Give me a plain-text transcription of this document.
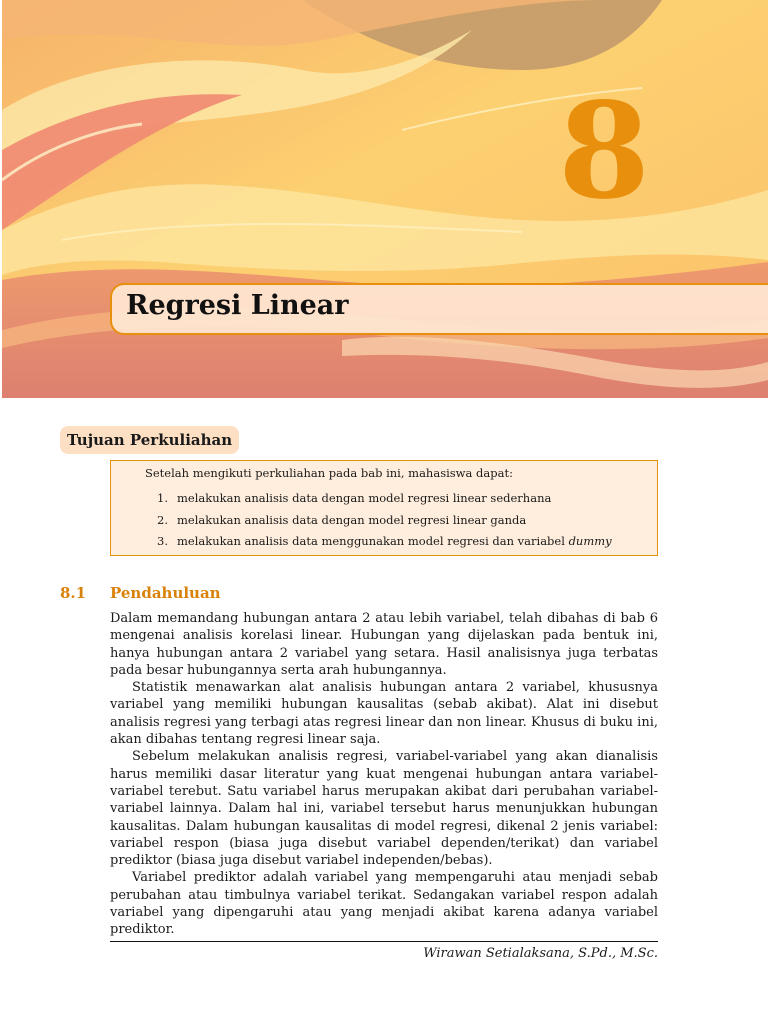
8
Regresi Linear
Tujuan Perkuliahan
Setelah mengikuti perkuliahan pada bab ini, mahasiswa dapat:
1. melakukan analisis data dengan model regresi linear sederhana
2. melakukan analisis data dengan model regresi linear ganda
3. melakukan analisis data menggunakan model regresi dan variabel dummy
8.1 Pendahuluan

Dalam memandang hubungan antara 2 atau lebih variabel, telah dibahas di bab 6 mengenai analisis korelasi linear. Hubungan yang dijelaskan pada bentuk ini, hanya hubungan antara 2 variabel yang setara. Hasil analisisnya juga terbatas pada besar hubungannya serta arah hubungannya.

Statistik menawarkan alat analisis hubungan antara 2 variabel, khususnya variabel yang memiliki hubungan kausalitas (sebab akibat). Alat ini disebut analisis regresi yang terbagi atas regresi linear dan non linear. Khusus di buku ini, akan dibahas tentang regresi linear saja.

Sebelum melakukan analisis regresi, variabel-variabel yang akan dianalisis harus memiliki dasar literatur yang kuat mengenai hubungan antara variabel-variabel terebut. Satu variabel harus merupakan akibat dari perubahan variabel-variabel lainnya. Dalam hal ini, variabel tersebut harus menunjukkan hubungan kausalitas. Dalam hubungan kausalitas di model regresi, dikenal 2 jenis variabel: variabel respon (biasa juga disebut variabel dependen/terikat) dan variabel prediktor (biasa juga disebut variabel independen/bebas).

Variabel prediktor adalah variabel yang mempengaruhi atau menjadi sebab perubahan atau timbulnya variabel terikat. Sedangakan variabel respon adalah variabel yang dipengaruhi atau yang menjadi akibat karena adanya variabel prediktor.

Wirawan Setialaksana, S.Pd., M.Sc.
